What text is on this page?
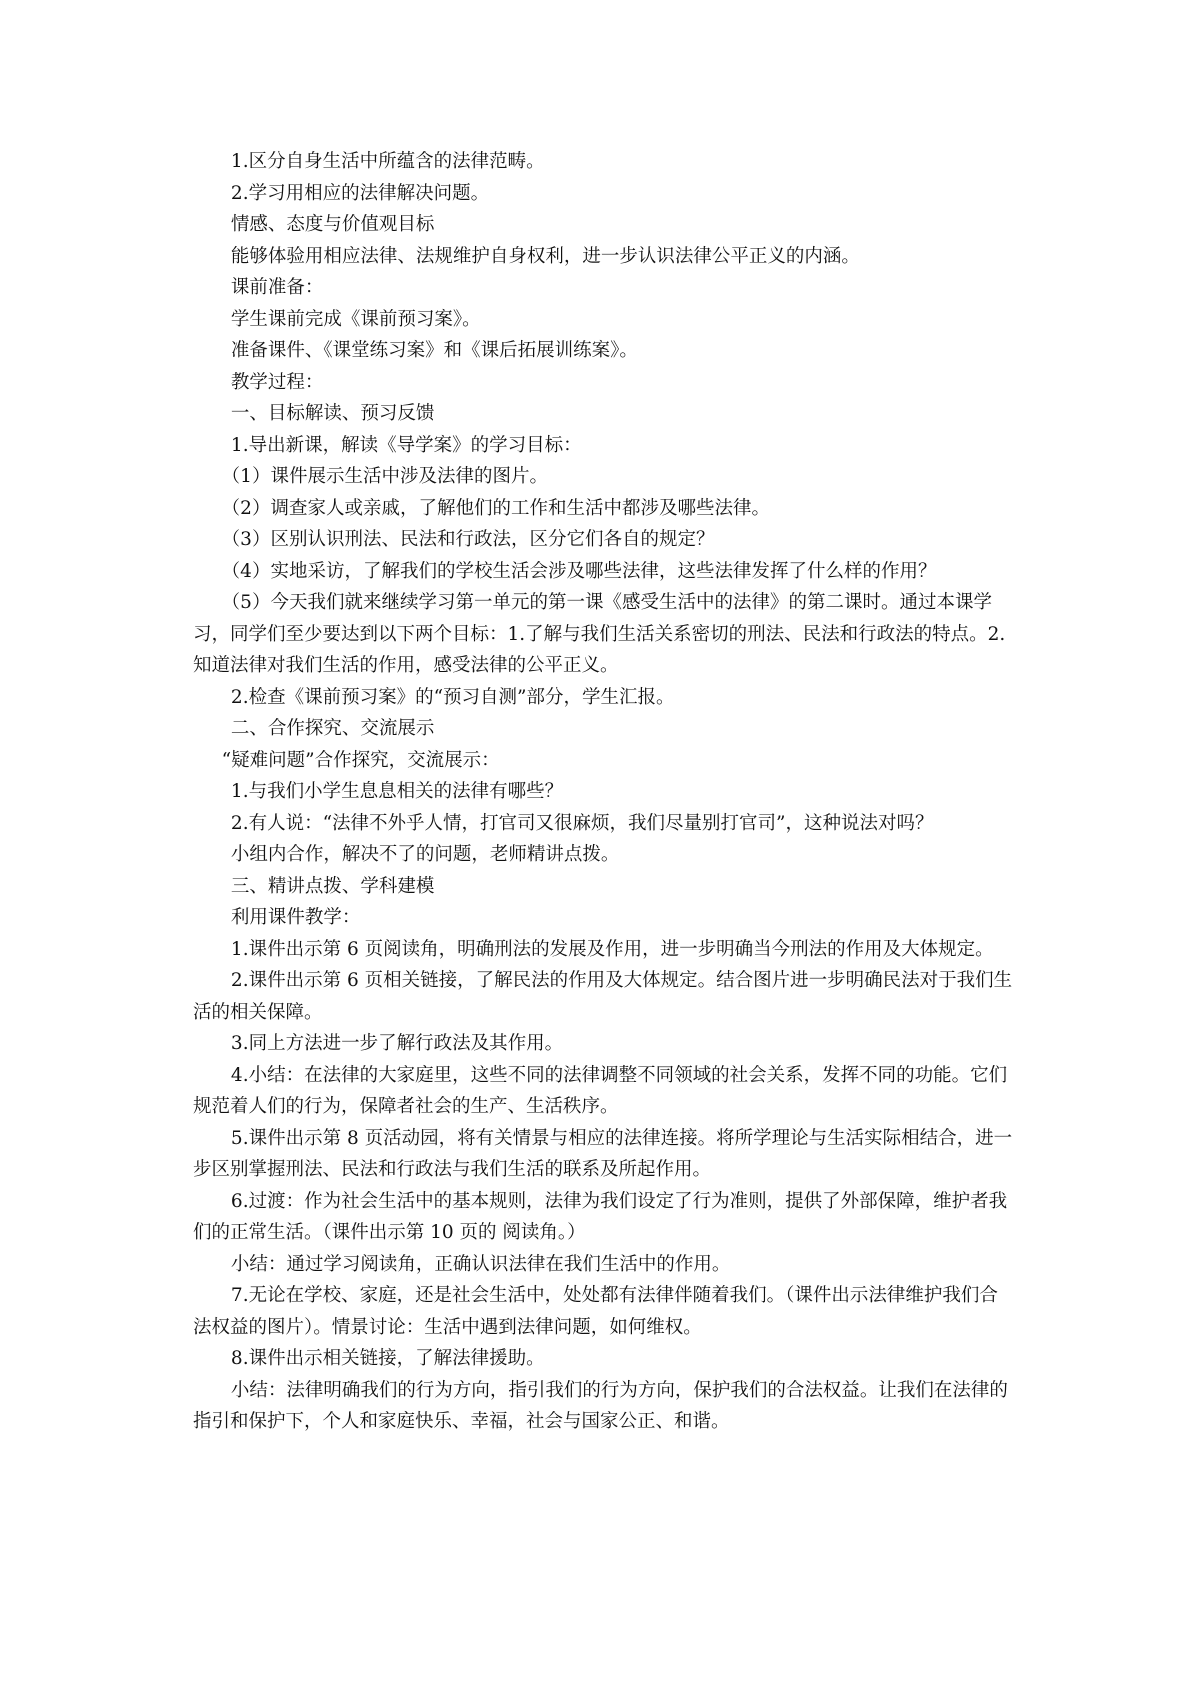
1.区分自身生活中所蕴含的法律范畴。

2.学习用相应的法律解决问题。

情感、态度与价值观目标

能够体验用相应法律、法规维护自身权利，进一步认识法律公平正义的内涵。

课前准备：

学生课前完成《课前预习案》。

准备课件、《课堂练习案》和《课后拓展训练案》。

教学过程：

一、目标解读、预习反馈

1.导出新课，解读《导学案》的学习目标：

（1）课件展示生活中涉及法律的图片。

（2）调查家人或亲戚，了解他们的工作和生活中都涉及哪些法律。

（3）区别认识刑法、民法和行政法，区分它们各自的规定？

（4）实地采访，了解我们的学校生活会涉及哪些法律，这些法律发挥了什么样的作用？

（5）今天我们就来继续学习第一单元的第一课《感受生活中的法律》的第二课时。通过本课学习，同学们至少要达到以下两个目标：1.了解与我们生活关系密切的刑法、民法和行政法的特点。2.知道法律对我们生活的作用，感受法律的公平正义。

2.检查《课前预习案》的“预习自测”部分，学生汇报。

二、合作探究、交流展示

“疑难问题”合作探究，交流展示：

1.与我们小学生息息相关的法律有哪些？

2.有人说：“法律不外乎人情，打官司又很麻烦，我们尽量别打官司”，这种说法对吗？

小组内合作，解决不了的问题，老师精讲点拨。

三、精讲点拨、学科建模

利用课件教学：

1.课件出示第 6 页阅读角，明确刑法的发展及作用，进一步明确当今刑法的作用及大体规定。

2.课件出示第 6 页相关链接，了解民法的作用及大体规定。结合图片进一步明确民法对于我们生活的相关保障。

3.同上方法进一步了解行政法及其作用。

4.小结：在法律的大家庭里，这些不同的法律调整不同领域的社会关系，发挥不同的功能。它们规范着人们的行为，保障者社会的生产、生活秩序。

5.课件出示第 8 页活动园，将有关情景与相应的法律连接。将所学理论与生活实际相结合，进一步区别掌握刑法、民法和行政法与我们生活的联系及所起作用。

6.过渡：作为社会生活中的基本规则，法律为我们设定了行为准则，提供了外部保障，维护者我们的正常生活。（课件出示第 10 页的 阅读角。）

小结：通过学习阅读角，正确认识法律在我们生活中的作用。

7.无论在学校、家庭，还是社会生活中，处处都有法律伴随着我们。（课件出示法律维护我们合法权益的图片）。情景讨论：生活中遇到法律问题，如何维权。

8.课件出示相关链接，了解法律援助。

小结：法律明确我们的行为方向，指引我们的行为方向，保护我们的合法权益。让我们在法律的指引和保护下，个人和家庭快乐、幸福，社会与国家公正、和谐。
